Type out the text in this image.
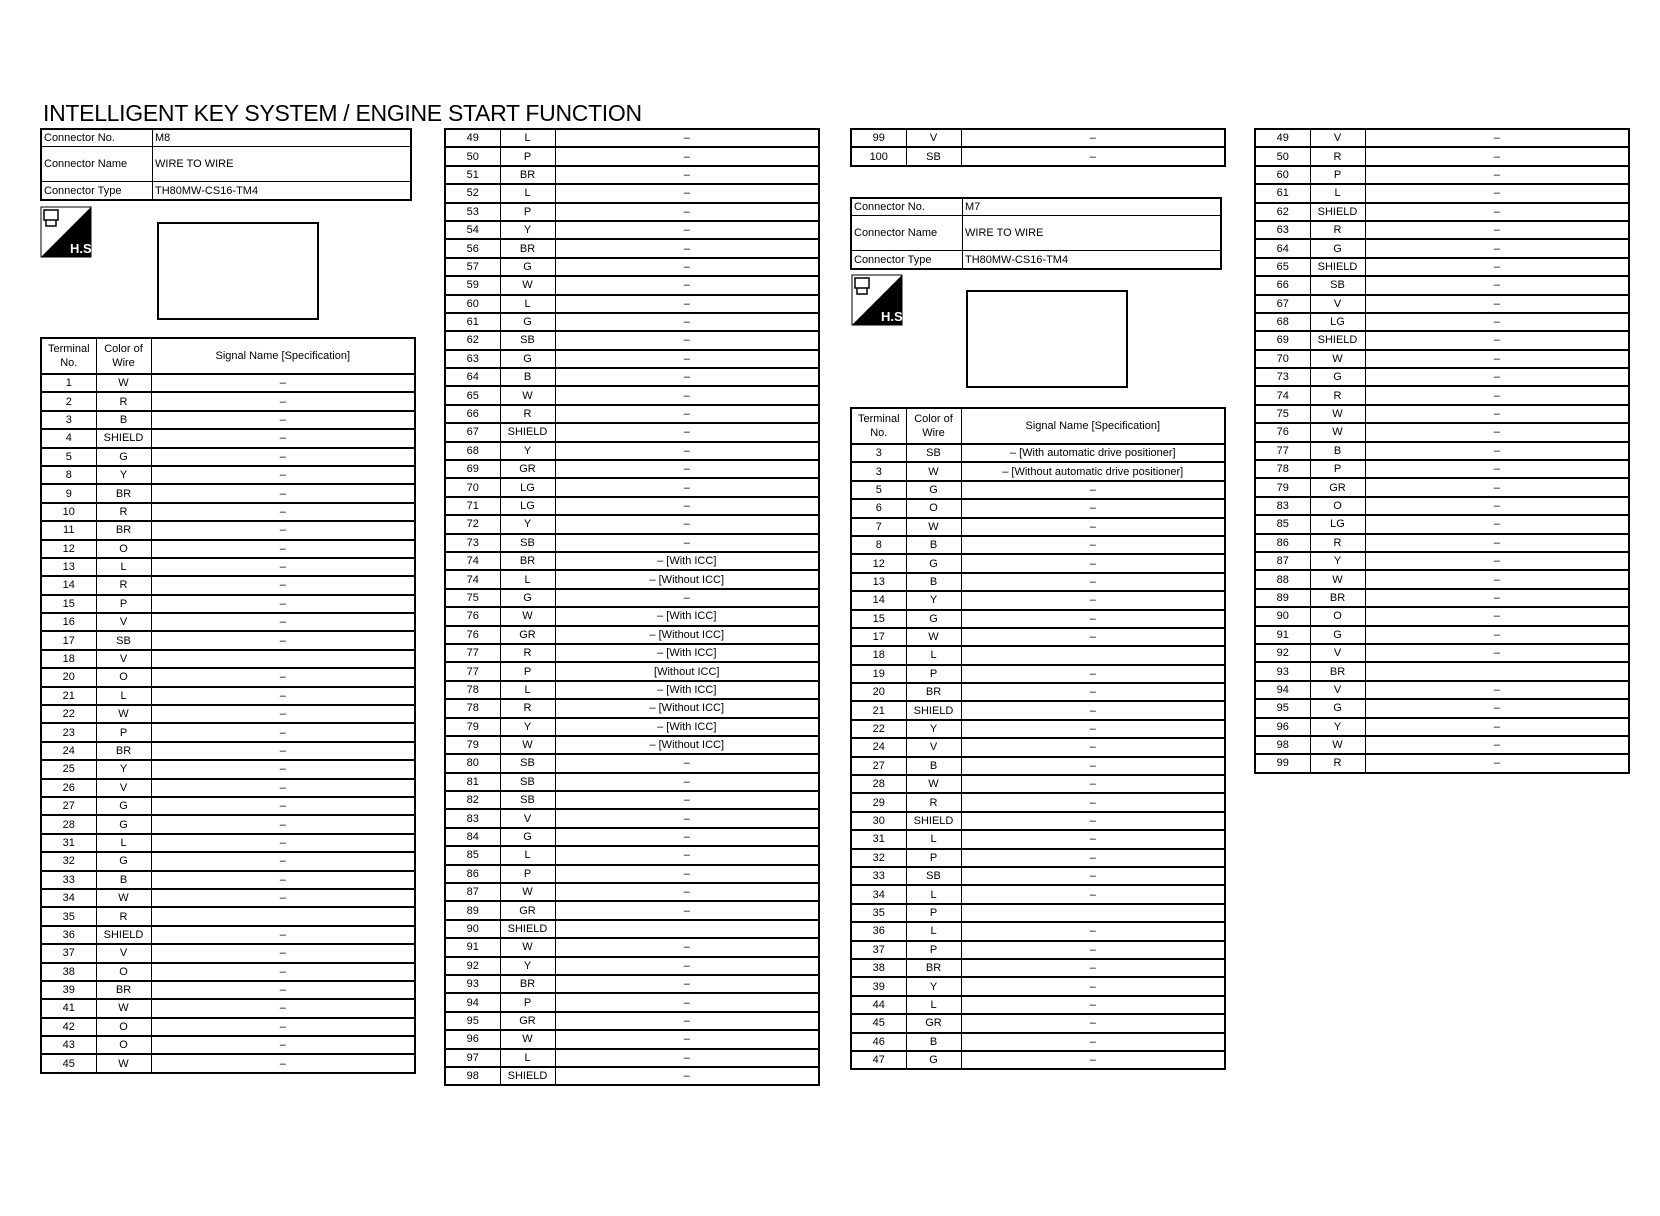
INTELLIGENT KEY SYSTEM / ENGINE START FUNCTION
Connector No.	M8
Connector Name	WIRE TO WIRE
Connector Type	TH80MW-CS16-TM4
H.S.
Connector No.	M7
Connector Name	WIRE TO WIRE
Connector Type	TH80MW-CS16-TM4
H.S.
Terminal No.	Color of Wire	Signal Name [Specification]
1	W	–
2	R	–
3	B	–
4	SHIELD	–
5	G	–
8	Y	–
9	BR	–
10	R	–
11	BR	–
12	O	–
13	L	–
14	R	–
15	P	–
16	V	–
17	SB	–
18	V	
20	O	–
21	L	–
22	W	–
23	P	–
24	BR	–
25	Y	–
26	V	–
27	G	–
28	G	–
31	L	–
32	G	–
33	B	–
34	W	–
35	R	
36	SHIELD	–
37	V	–
38	O	–
39	BR	–
41	W	–
42	O	–
43	O	–
45	W	–
49	L	–
50	P	–
51	BR	–
52	L	–
53	P	–
54	Y	–
56	BR	–
57	G	–
59	W	–
60	L	–
61	G	–
62	SB	–
63	G	–
64	B	–
65	W	–
66	R	–
67	SHIELD	–
68	Y	–
69	GR	–
70	LG	–
71	LG	–
72	Y	–
73	SB	–
74	BR	– [With ICC]
74	L	– [Without ICC]
75	G	–
76	W	– [With ICC]
76	GR	– [Without ICC]
77	R	– [With ICC]
77	P	[Without ICC]
78	L	– [With ICC]
78	R	– [Without ICC]
79	Y	– [With ICC]
79	W	– [Without ICC]
80	SB	–
81	SB	–
82	SB	–
83	V	–
84	G	–
85	L	–
86	P	–
87	W	–
89	GR	–
90	SHIELD	
91	W	–
92	Y	–
93	BR	–
94	P	–
95	GR	–
96	W	–
97	L	–
98	SHIELD	–
99	V	–
100	SB	–
Terminal No.	Color of Wire	Signal Name [Specification]
3	SB	– [With automatic drive positioner]
3	W	– [Without automatic drive positioner]
5	G	–
6	O	–
7	W	–
8	B	–
12	G	–
13	B	–
14	Y	–
15	G	–
17	W	–
18	L	
19	P	–
20	BR	–
21	SHIELD	–
22	Y	–
24	V	–
27	B	–
28	W	–
29	R	–
30	SHIELD	–
31	L	–
32	P	–
33	SB	–
34	L	–
35	P	
36	L	–
37	P	–
38	BR	–
39	Y	–
44	L	–
45	GR	–
46	B	–
47	G	–
49	V	–
50	R	–
60	P	–
61	L	–
62	SHIELD	–
63	R	–
64	G	–
65	SHIELD	–
66	SB	–
67	V	–
68	LG	–
69	SHIELD	–
70	W	–
73	G	–
74	R	–
75	W	–
76	W	–
77	B	–
78	P	–
79	GR	–
83	O	–
85	LG	–
86	R	–
87	Y	–
88	W	–
89	BR	–
90	O	–
91	G	–
92	V	–
93	BR	
94	V	–
95	G	–
96	Y	–
98	W	–
99	R	–
